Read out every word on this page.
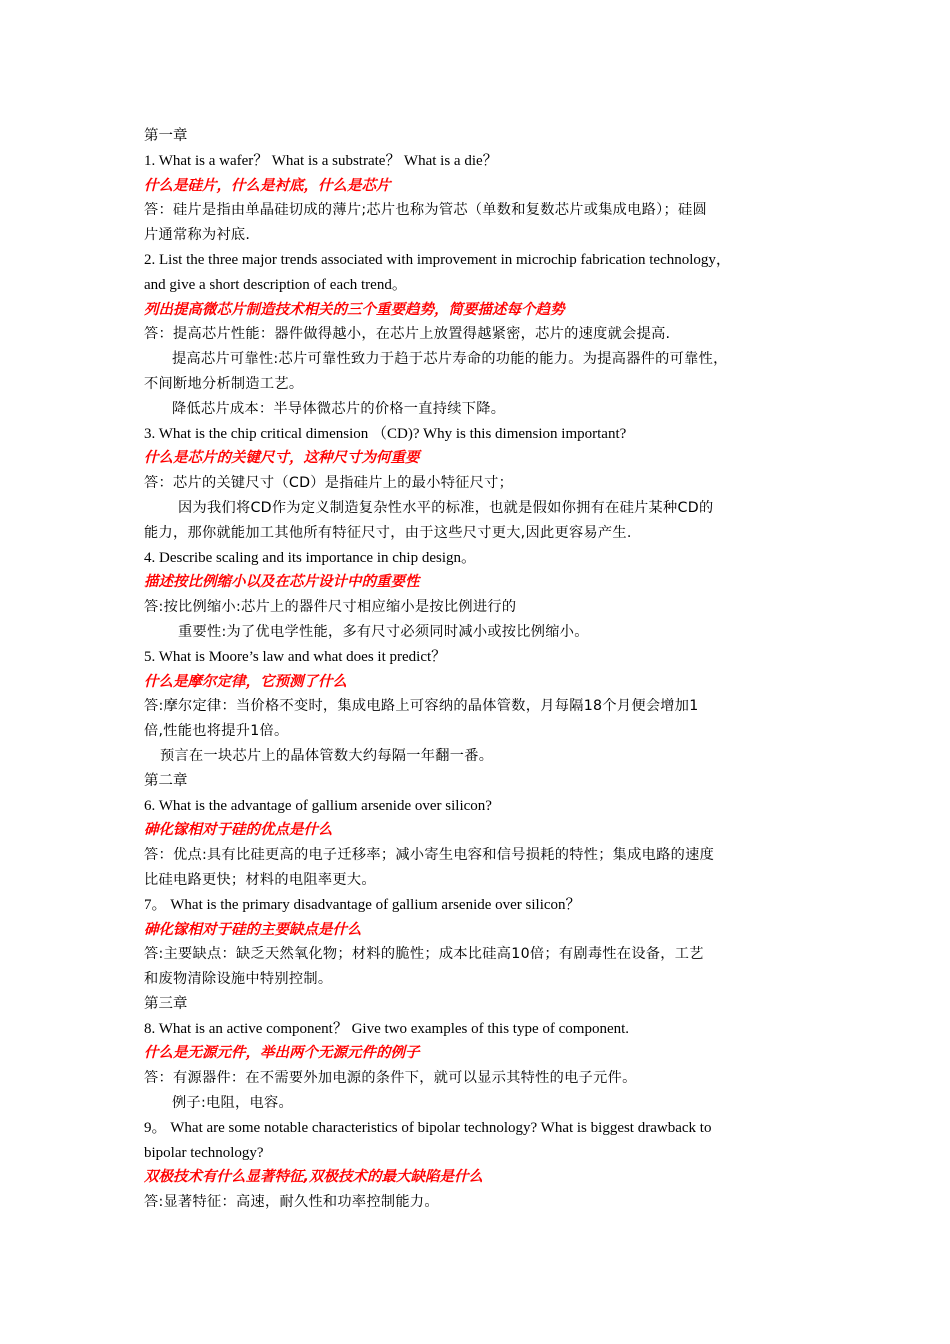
第一章
1. What is a wafer？ What is a substrate？ What is a die？
什么是硅片，什么是衬底，什么是芯片
答：硅片是指由单晶硅切成的薄片;芯片也称为管芯（单数和复数芯片或集成电路）；硅圆
片通常称为衬底.
2. List the three major trends associated with improvement in microchip fabrication technology，
and give a short description of each trend。
列出提高微芯片制造技术相关的三个重要趋势，简要描述每个趋势
答：提高芯片性能：器件做得越小，在芯片上放置得越紧密，芯片的速度就会提高.
提高芯片可靠性:芯片可靠性致力于趋于芯片寿命的功能的能力。为提高器件的可靠性，
不间断地分析制造工艺。
降低芯片成本：半导体微芯片的价格一直持续下降。
3. What is the chip critical dimension （CD)? Why is this dimension important?
什么是芯片的关键尺寸，这种尺寸为何重要
答：芯片的关键尺寸（CD）是指硅片上的最小特征尺寸；
因为我们将CD作为定义制造复杂性水平的标准，也就是假如你拥有在硅片某种CD的
能力，那你就能加工其他所有特征尺寸，由于这些尺寸更大,因此更容易产生.
4. Describe scaling and its importance in chip design。
描述按比例缩小以及在芯片设计中的重要性
答:按比例缩小:芯片上的器件尺寸相应缩小是按比例进行的
重要性:为了优电学性能，多有尺寸必须同时减小或按比例缩小。
5. What is Moore’s law and what does it predict？
什么是摩尔定律，它预测了什么
答:摩尔定律：当价格不变时，集成电路上可容纳的晶体管数，月每隔18个月便会增加1
倍,性能也将提升1倍。
预言在一块芯片上的晶体管数大约每隔一年翻一番。
第二章
6. What is the advantage of gallium arsenide over silicon?
砷化镓相对于硅的优点是什么
答：优点:具有比硅更高的电子迁移率；减小寄生电容和信号损耗的特性；集成电路的速度
比硅电路更快；材料的电阻率更大。
7。 What is the primary disadvantage of gallium arsenide over silicon？
砷化镓相对于硅的主要缺点是什么
答:主要缺点：缺乏天然氧化物；材料的脆性；成本比硅高10倍；有剧毒性在设备，工艺
和废物清除设施中特别控制。
第三章
8. What is an active component？ Give two examples of this type of component.
什么是无源元件，举出两个无源元件的例子
答：有源器件：在不需要外加电源的条件下，就可以显示其特性的电子元件。
例子:电阻，电容。
9。 What are some notable characteristics of bipolar technology? What is biggest drawback to
bipolar technology?
双极技术有什么显著特征,双极技术的最大缺陷是什么
答:显著特征：高速，耐久性和功率控制能力。
